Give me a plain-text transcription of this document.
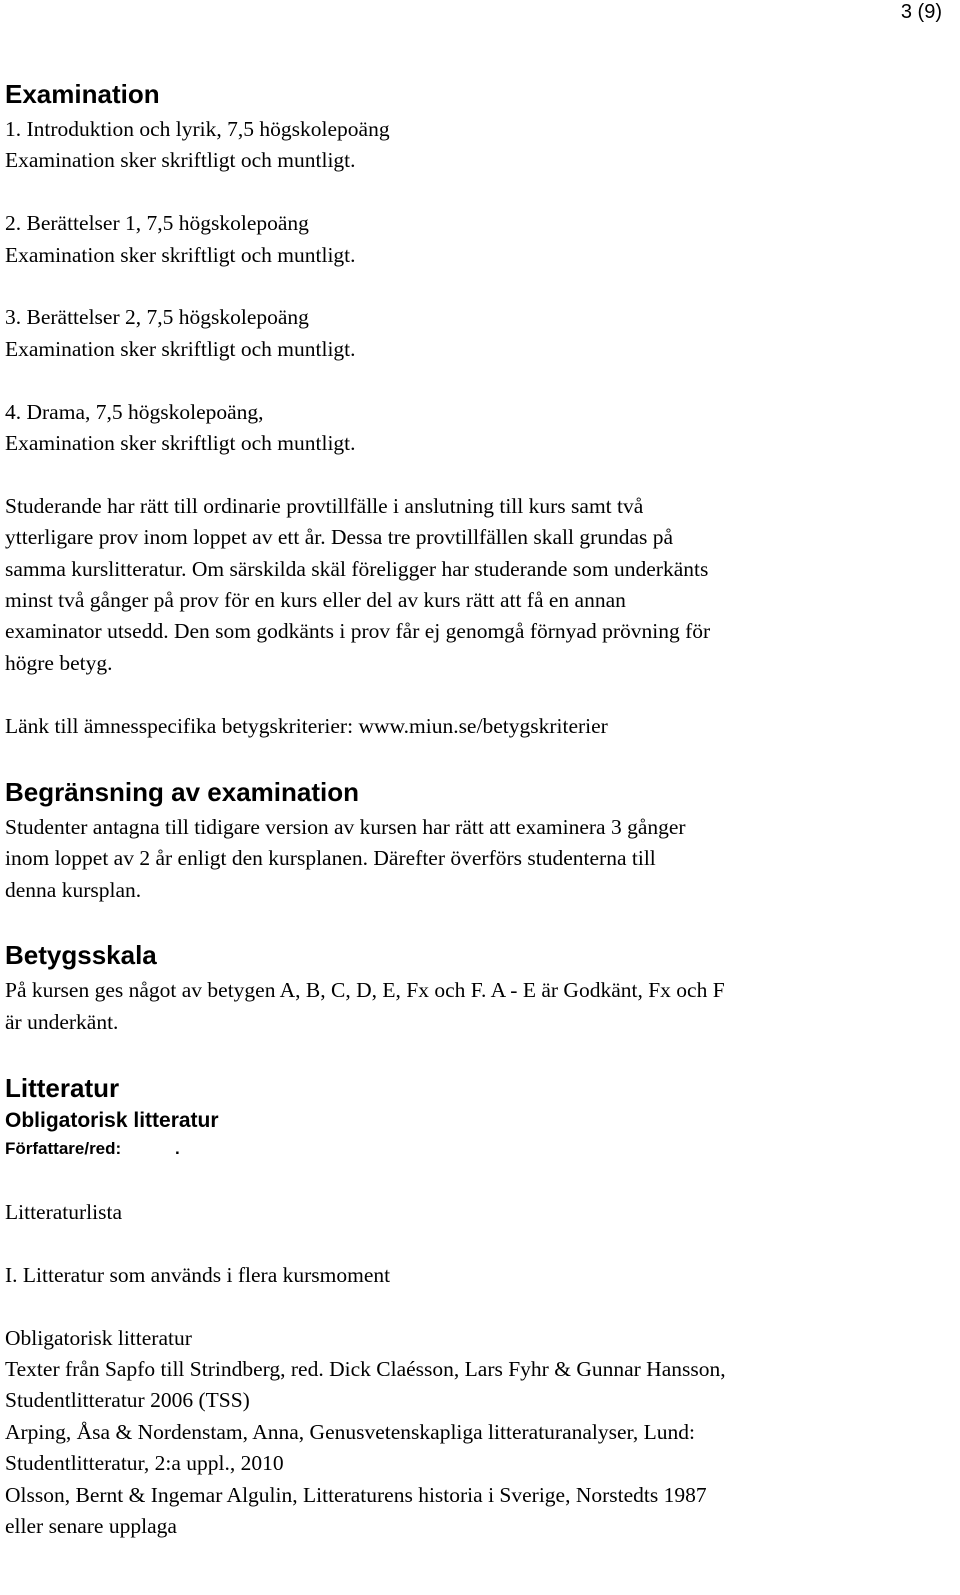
3 (9)
Examination
1. Introduktion och lyrik, 7,5 högskolepoäng
Examination sker skriftligt och muntligt.
2. Berättelser 1, 7,5 högskolepoäng
Examination sker skriftligt och muntligt.
3. Berättelser 2, 7,5 högskolepoäng
Examination sker skriftligt och muntligt.
4. Drama, 7,5 högskolepoäng,
Examination sker skriftligt och muntligt.
Studerande har rätt till ordinarie provtillfälle i anslutning till kurs samt två
ytterligare prov inom loppet av ett år. Dessa tre provtillfällen skall grundas på
samma kurslitteratur. Om särskilda skäl föreligger har studerande som underkänts
minst två gånger på prov för en kurs eller del av kurs rätt att få en annan
examinator utsedd. Den som godkänts i prov får ej genomgå förnyad prövning för
högre betyg.
Länk till ämnesspecifika betygskriterier: www.miun.se/betygskriterier
Begränsning av examination
Studenter antagna till tidigare version av kursen har rätt att examinera 3 gånger
inom loppet av 2 år enligt den kursplanen. Därefter överförs studenterna till
denna kursplan.
Betygsskala
På kursen ges något av betygen A, B, C, D, E, Fx och F. A - E är Godkänt, Fx och F
är underkänt.
Litteratur
Obligatorisk litteratur
Författare/red:	.
Litteraturlista
I. Litteratur som används i flera kursmoment
Obligatorisk litteratur
Texter från Sapfo till Strindberg, red. Dick Claésson, Lars Fyhr & Gunnar Hansson,
Studentlitteratur 2006 (TSS)
Arping, Åsa & Nordenstam, Anna, Genusvetenskapliga litteraturanalyser, Lund:
Studentlitteratur, 2:a uppl., 2010
Olsson, Bernt & Ingemar Algulin, Litteraturens historia i Sverige, Norstedts 1987
eller senare upplaga
